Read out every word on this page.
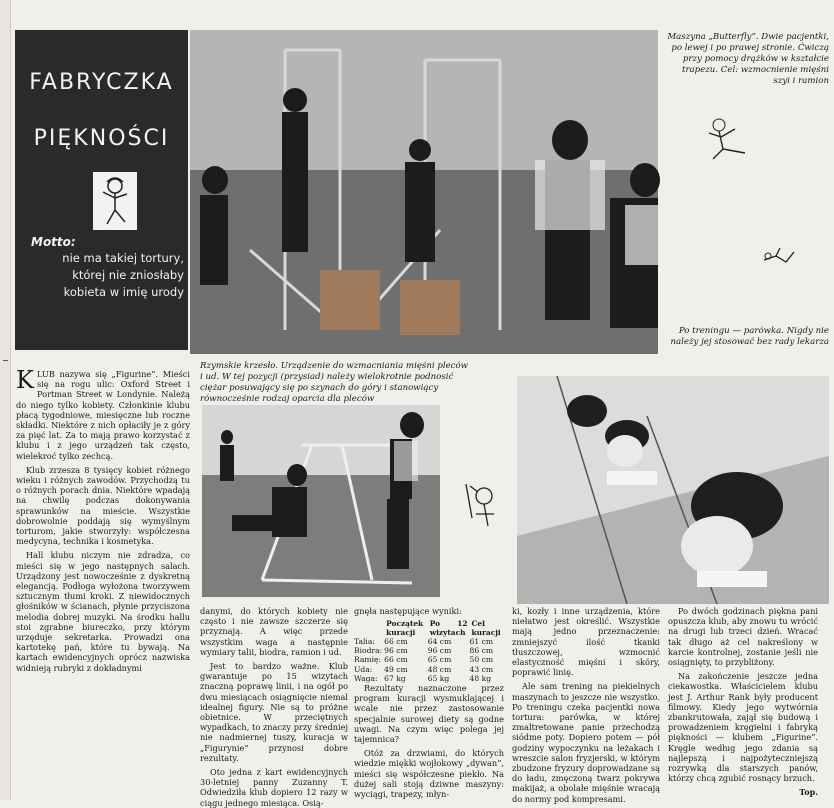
FABRYCZKA
PIĘKNOŚCI
Motto:
nie ma takiej tortury,
której nie zniosłaby
kobieta w imię urody
Maszyna „Butterfly”. Dwie pacjentki, po lewej i po prawej stronie. Ćwiczą przy pomocy drążków w kształcie trapezu. Cel: wzmocnienie mięśni szyi i ramion
Po treningu — parówka. Nigdy nie należy jej stosować bez rady lekarza
Rzymskie krzesło. Urządzenie do wzmacniania mięśni pleców i ud. W tej pozycji (przysiad) należy wielokrotnie podnosić ciężar posuwający się po szynach do góry i stanowiący równocześnie rodzaj oparcia dla pleców

KLUB nazywa się „Figurine”. Mieści się na rogu ulic: Oxford Street i Portman Street w Londynie. Należą do niego tylko kobiety. Członkinie klubu płacą tygodniowe, miesięczne lub roczne składki. Niektóre z nich opłaciły je z góry za pięć lat. Za to mają prawo korzystać z klubu i z jego urządzeń tak często, wielekroć tylko zechcą.

Klub zrzesza 8 tysięcy kobiet różnego wieku i różnych zawodów. Przychodzą tu o różnych porach dnia. Niektóre wpadają na chwilę podczas dokonywania sprawunków na mieście. Wszystkie dobrowolnie poddają się wymyślnym torturom, jakie stworzyły: współczesna medycyna, technika i kosmetyka.

Hall klubu niczym nie zdradza, co mieści się w jego następnych salach. Urządzony jest nowocześnie z dyskretną elegancją. Podłoga wyłożona tworzywem sztucznym tłumi kroki. Z niewidocznych głośników w ścianach, płynie przyciszona melodia dobrej muzyki. Na środku hallu stoi zgrabne biureczko, przy którym urzęduje sekretarka. Prowadzi ona kartotekę pań, które tu bywają. Na kartach ewidencyjnych oprócz nazwiska widnieją rubryki z dokładnymi

danymi, do których kobiety nie często i nie zawsze szczerze się przyznają. A więc przede wszystkim waga a następnie wymiary talii, biodra, ramion i ud.

Jest to bardzo ważne. Klub gwarantuje po 15 wizytach znaczną poprawę linii, i na ogół po dwu miesiącach osiągnięcie niemal idealnej figury. Nie są to próżne obietnice. W przeciętnych wypadkach, to znaczy przy średniej nie nadmiernej tuszy, kuracja w „Figurynie” przynosi dobre rezultaty.

Oto jedna z kart ewidencyjnych 30-letniej panny Zuzanny T. Odwiedziła klub dopiero 12 razy w ciągu jednego miesiąca. Osią-

gnęła następujące wyniki:

	Początek kuracji	Po 12 wizytach	Cel kuracji
Talia:	66 cm	64 cm	61 cm
Biodra:	96 cm	96 cm	86 cm
Ramię:	66 cm	65 cm	50 cm
Uda:	49 cm	48 cm	43 cm
Waga:	67 kg	65 kg	48 kg

Rezultaty naznaczone przez program kuracji wysmuklającej i wcale nie przez zastosowanie specjalnie surowej diety są godne uwagi. Na czym więc polega jej tajemnica?

Otóż za drzwiami, do których wiedzie miękki wojłokowy „dywan”, mieści się współczesne piekło. Na dużej sali stoją dziwne maszyny: wyciągi, trapezy, młyn-

ki, kozły i inne urządzenia, które niełatwo jest określić. Wszystkie mają jedno przeznaczenie: zmniejszyć ilość tkanki tłuszczowej, wzmocnić elastyczność mięśni i skóry, poprawić linię.

Ale sam trening na piekielnych maszynach to jeszcze nie wszystko. Po treningu czeka pacjentki nowa tortura: parówka, w której zmaltretowane panie przechodzą siódme poty. Dopiero potem — pół godziny wypoczynku na leżakach i wreszcie salon fryzjerski, w którym zbudzone fryzury doprowadzane są do ładu, zmęczoną twarz pokrywa makijaż, a obolałe mięśnie wracają do normy pod kompresami.

Po dwóch godzinach piękna pani opuszcza klub, aby znowu tu wrócić na drugi lub trzeci dzień. Wracać tak długo aż cel nakreślony w karcie kontrolnej, zostanie jeśli nie osiągnięty, to przybliżony.

Na zakończenie jeszcze jedna ciekawostka. Właścicielem klubu jest J. Arthur Rank były producent filmowy. Kiedy jego wytwórnia zbankrutowała, zajął się budową i prowadzeniem kręgielni i fabryką piękności — klubem „Figurine”. Kręgle według jego zdania są najlepszą i najpożyteczniejszą rozrywką dla starszych panów, którzy chcą zgubić rosnący brzuch.

Top.
